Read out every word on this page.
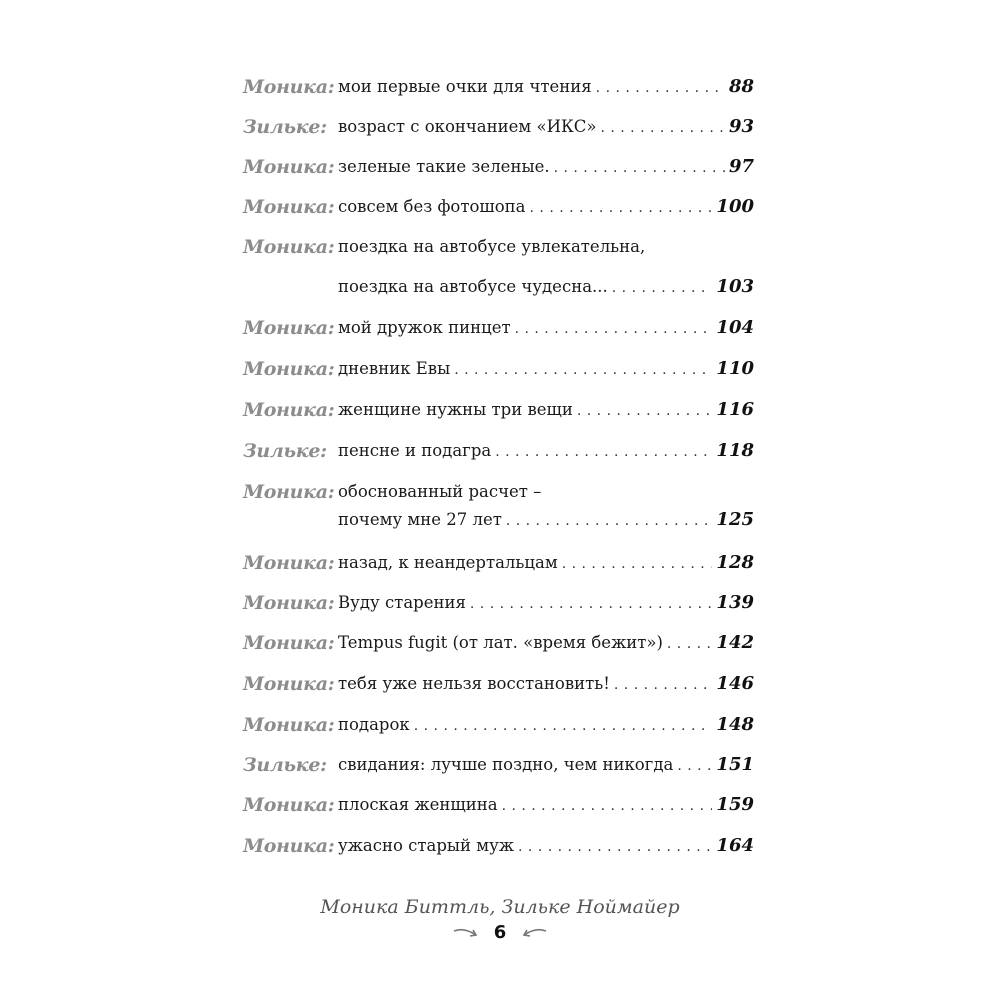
Моника: мои первые очки для чтения . . .	88
Зильке: возраст с окончанием «ИКС» . . .	93
Моника: зеленые такие зеленые. . . .	97
Моника: совсем без фотошопа . . .	100
Моника: поездка на автобусе увлекательна,
поездка на автобусе чудесна... . . .	103
Моника: мой дружок пинцет . . .	104
Моника: дневник Евы . . .	110
Моника: женщине нужны три вещи . . .	116
Зильке: пенсне и подагра . . .	118
Моника: обоснованный расчет –
почему мне 27 лет . . .	125
Моника: назад, к неандертальцам . . .	128
Моника: Вуду старения . . .	139
Моника: Tempus fugit (от лат. «время бежит») . . .	142
Моника: тебя уже нельзя восстановить! . . .	146
Моника: подарок . . .	148
Зильке: свидания: лучше поздно, чем никогда . . . 151
Моника: плоская женщина . . .	159
Моника: ужасно старый муж . . .	164
Моника Биттль, Зильке Ноймайер
6
